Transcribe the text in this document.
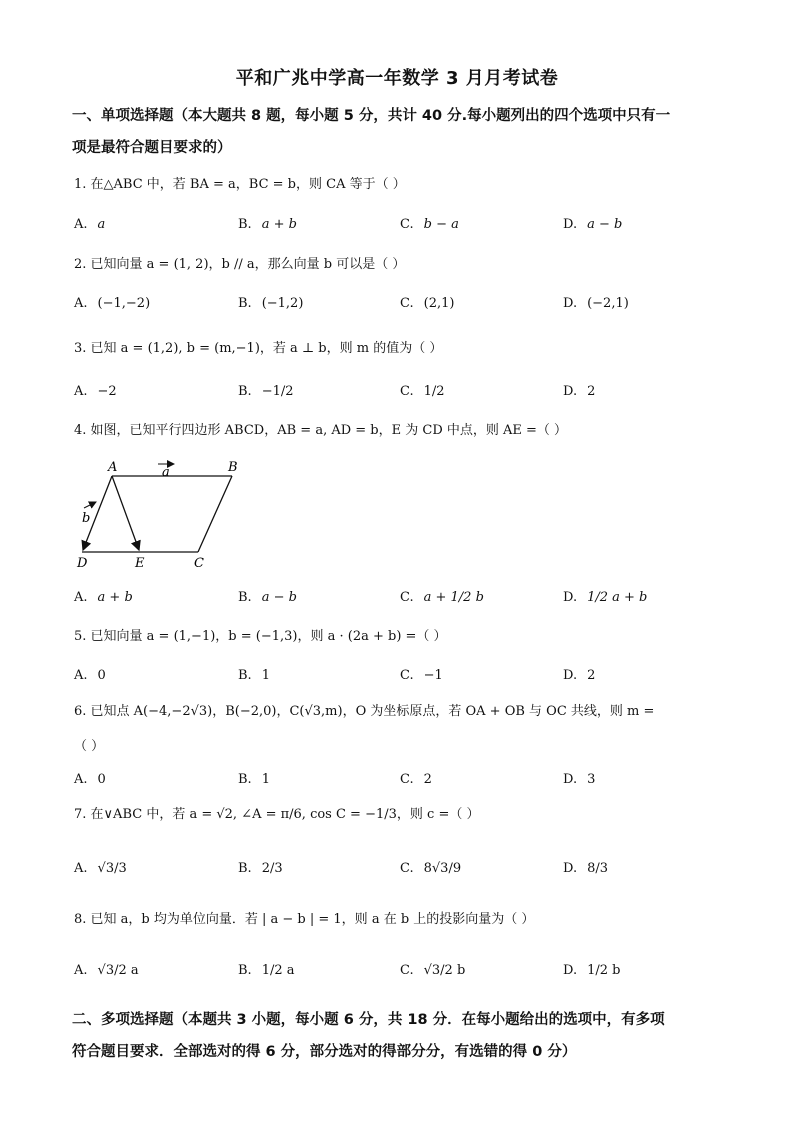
平和广兆中学高一年数学 3 月月考试卷
一、单项选择题（本大题共 8 题，每小题 5 分，共计 40 分.每小题列出的四个选项中只有一
项是最符合题目要求的）
1. 在△ABC 中，若 BA = a，BC = b，则 CA 等于（ ）
A. a	B. a + b	C. b − a	D. a − b
2. 已知向量 a = (1, 2)，b // a，那么向量 b 可以是（ ）
A. (−1,−2)	B. (−1,2)	C. (2,1)	D. (−2,1)
3. 已知 a = (1,2), b = (m,−1)，若 a ⊥ b，则 m 的值为（ ）
A. −2	B. −1/2	C. 1/2	D. 2
4. 如图，已知平行四边形 ABCD，AB = a, AD = b，E 为 CD 中点，则 AE =（ ）
A	B
C
D	E
a
b
A. a + b	B. a − b	C. a + 1/2 b	D. 1/2 a + b
5. 已知向量 a = (1,−1)，b = (−1,3)，则 a · (2a + b) =（ ）
A. 0	B. 1	C. −1	D. 2
6. 已知点 A(−4,−2√3)，B(−2,0)，C(√3,m)，O 为坐标原点，若 OA + OB 与 OC 共线，则 m =
（ ）
A. 0	B. 1	C. 2	D. 3
7. 在∨ABC 中，若 a = √2, ∠A = π/6, cos C = −1/3，则 c =（ ）
A. √3/3	B. 2/3	C. 8√3/9	D. 8/3
8. 已知 a，b 均为单位向量．若 | a − b | = 1，则 a 在 b 上的投影向量为（ ）
A. √3/2 a	B. 1/2 a	C. √3/2 b	D. 1/2 b
二、多项选择题（本题共 3 小题，每小题 6 分，共 18 分．在每小题给出的选项中，有多项
符合题目要求．全部选对的得 6 分，部分选对的得部分分，有选错的得 0 分）
